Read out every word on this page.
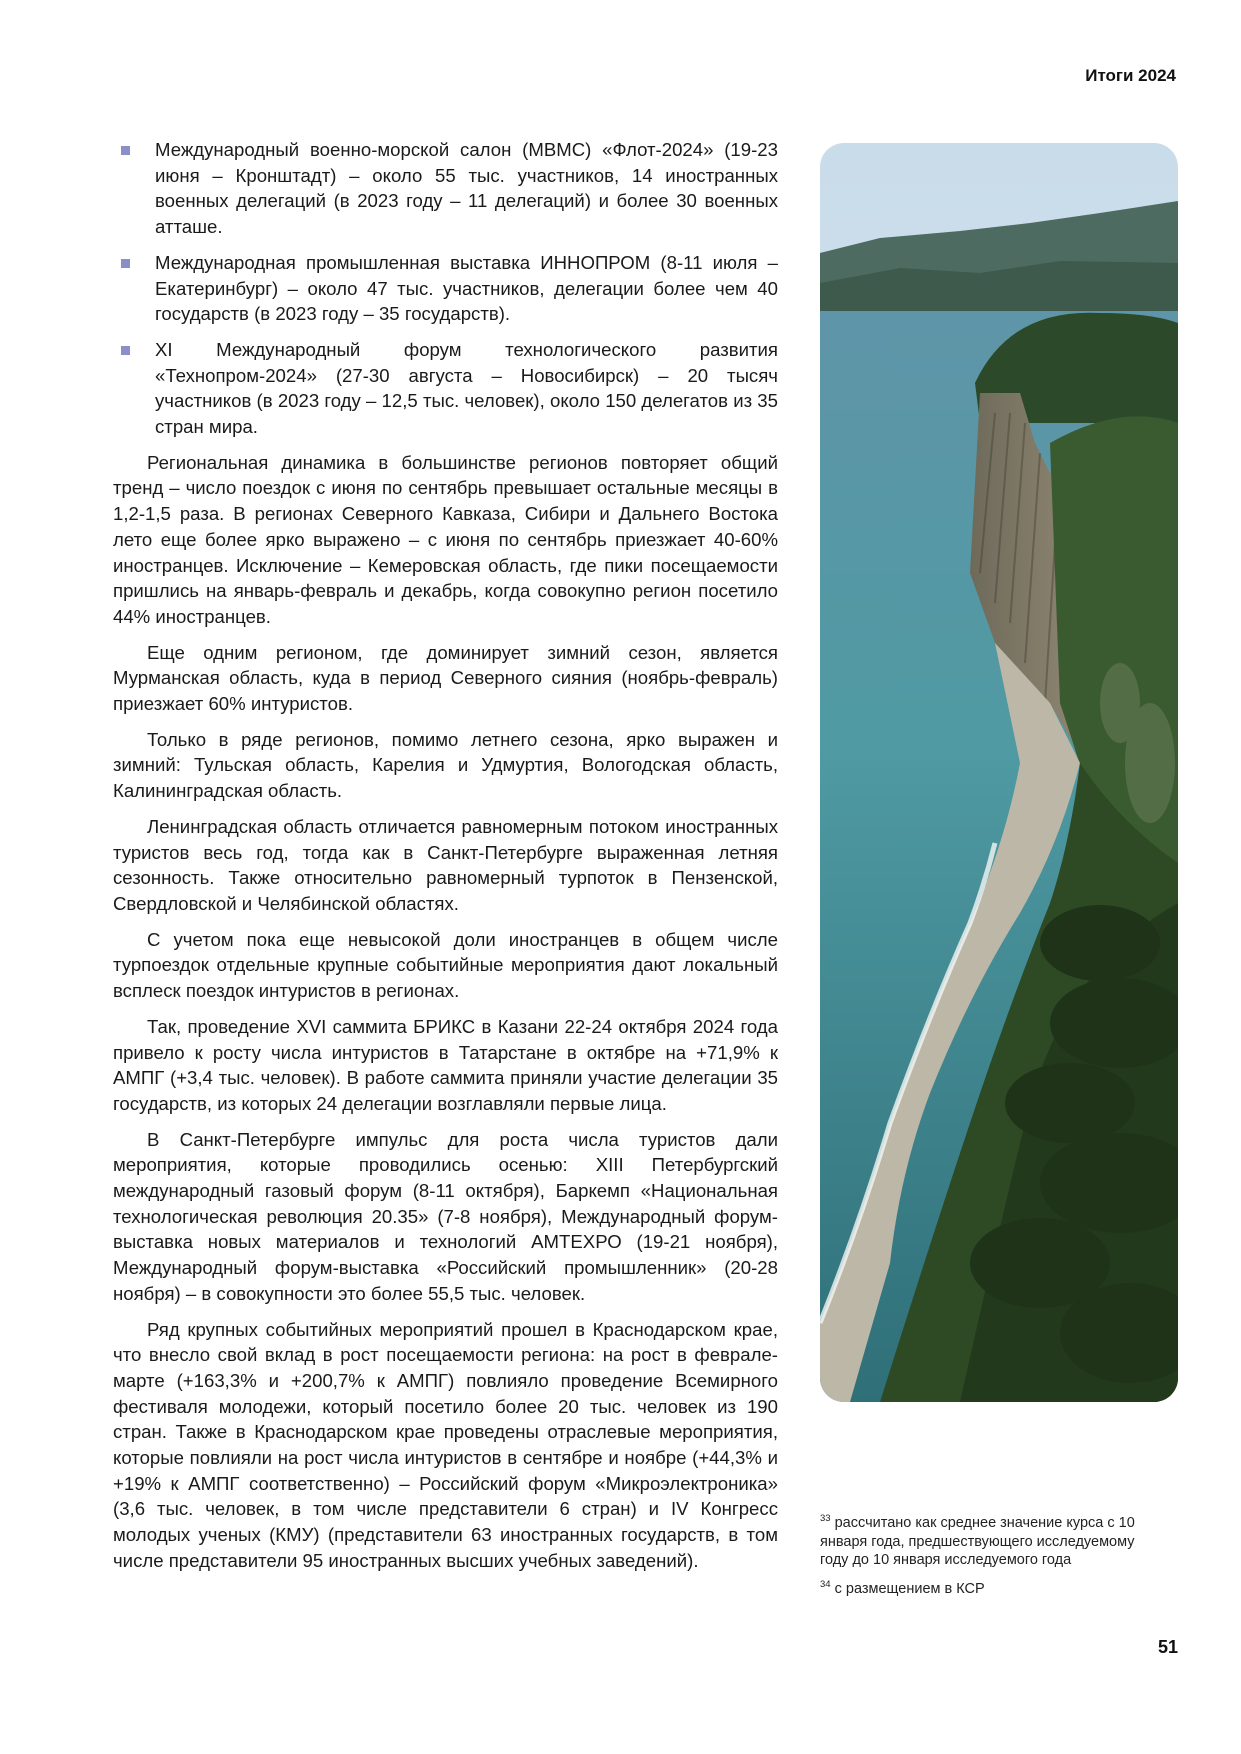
Итоги 2024
Международный военно-морской салон (МВМС) «Флот-2024» (19-23 июня – Кронштадт) – около 55 тыс. участников, 14 иностранных военных делегаций (в 2023 году – 11 делегаций) и более 30 военных атташе.
Международная промышленная выставка ИННОПРОМ (8-11 июля – Екатеринбург) – около 47 тыс. участников, делегации более чем 40 государств (в 2023 году – 35 государств).
XI Международный форум технологического развития «Технопром-2024» (27-30 августа – Новосибирск) – 20 тысяч участников (в 2023 году – 12,5 тыс. человек), около 150 делегатов из 35 стран мира.

Региональная динамика в большинстве регионов повторяет общий тренд – число поездок с июня по сентябрь превышает остальные месяцы в 1,2-1,5 раза. В регионах Северного Кавказа, Сибири и Дальнего Востока лето еще более ярко выражено – с июня по сентябрь приезжает 40-60% иностранцев. Исключение – Кемеровская область, где пики посещаемости пришлись на январь-февраль и декабрь, когда совокупно регион посетило 44% иностранцев.

Еще одним регионом, где доминирует зимний сезон, является Мурманская область, куда в период Северного сияния (ноябрь-февраль) приезжает 60% интуристов.

Только в ряде регионов, помимо летнего сезона, ярко выражен и зимний: Тульская область, Карелия и Удмуртия, Вологодская область, Калининградская область.

Ленинградская область отличается равномерным потоком иностранных туристов весь год, тогда как в Санкт-Петербурге выраженная летняя сезонность. Также относительно равномерный турпоток в Пензенской, Свердловской и Челябинской областях.

С учетом пока еще невысокой доли иностранцев в общем числе турпоездок отдельные крупные событийные мероприятия дают локальный всплеск поездок интуристов в регионах.

Так, проведение XVI саммита БРИКС в Казани 22-24 октября 2024 года привело к росту числа интуристов в Татарстане в октябре на +71,9% к АМПГ (+3,4 тыс. человек). В работе саммита приняли участие делегации 35 государств, из которых 24 делегации возглавляли первые лица.

В Санкт-Петербурге импульс для роста числа туристов дали мероприятия, которые проводились осенью: XIII Петербургский международный газовый форум (8-11 октября), Баркемп «Национальная технологическая революция 20.35» (7-8 ноября), Международный форум-выставка новых материалов и технологий АМТЕХРО (19-21 ноября), Международный форум-выставка «Российский промышленник» (20-28 ноября) – в совокупности это более 55,5 тыс. человек.

Ряд крупных событийных мероприятий прошел в Краснодарском крае, что внесло свой вклад в рост посещаемости региона: на рост в феврале-марте (+163,3% и +200,7% к АМПГ) повлияло проведение Всемирного фестиваля молодежи, который посетило более 20 тыс. человек из 190 стран. Также в Краснодарском крае проведены отраслевые мероприятия, которые повлияли на рост числа интуристов в сентябре и ноябре (+44,3% и +19% к АМПГ соответственно) – Российский форум «Микроэлектроника» (3,6 тыс. человек, в том числе представители 6 стран) и IV Конгресс молодых ученых (КМУ) (представители 63 иностранных государств, в том числе представители 95 иностранных высших учебных заведений).

$^{33}$ рассчитано как среднее значение курса с 10 января года, предшествующего исследуемому году до 10 января исследуемого года
$^{34}$ с размещением в КСР
51
